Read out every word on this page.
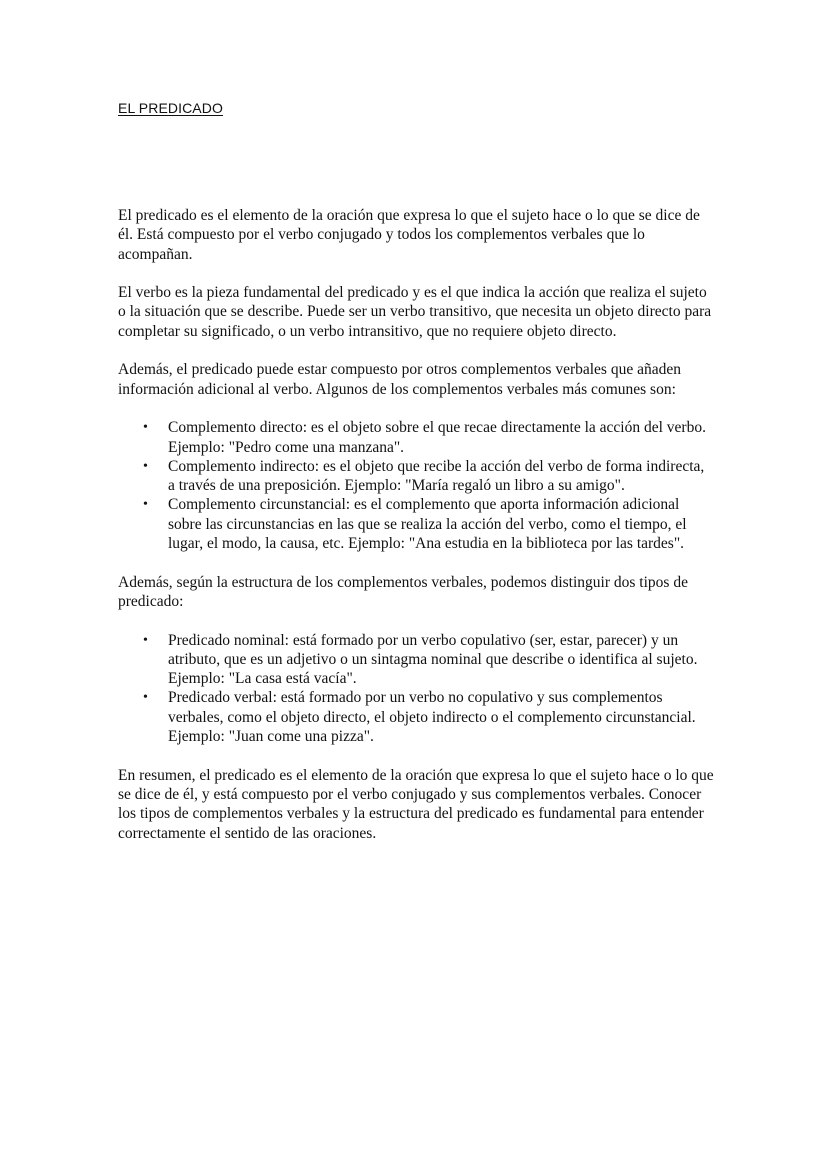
EL PREDICADO

El predicado es el elemento de la oración que expresa lo que el sujeto hace o lo que se dice de él. Está compuesto por el verbo conjugado y todos los complementos verbales que lo acompañan.

El verbo es la pieza fundamental del predicado y es el que indica la acción que realiza el sujeto o la situación que se describe. Puede ser un verbo transitivo, que necesita un objeto directo para completar su significado, o un verbo intransitivo, que no requiere objeto directo.

Además, el predicado puede estar compuesto por otros complementos verbales que añaden información adicional al verbo. Algunos de los complementos verbales más comunes son:

• Complemento directo: es el objeto sobre el que recae directamente la acción del verbo. Ejemplo: "Pedro come una manzana".
• Complemento indirecto: es el objeto que recibe la acción del verbo de forma indirecta, a través de una preposición. Ejemplo: "María regaló un libro a su amigo".
• Complemento circunstancial: es el complemento que aporta información adicional sobre las circunstancias en las que se realiza la acción del verbo, como el tiempo, el lugar, el modo, la causa, etc. Ejemplo: "Ana estudia en la biblioteca por las tardes".

Además, según la estructura de los complementos verbales, podemos distinguir dos tipos de predicado:

• Predicado nominal: está formado por un verbo copulativo (ser, estar, parecer) y un atributo, que es un adjetivo o un sintagma nominal que describe o identifica al sujeto. Ejemplo: "La casa está vacía".
• Predicado verbal: está formado por un verbo no copulativo y sus complementos verbales, como el objeto directo, el objeto indirecto o el complemento circunstancial. Ejemplo: "Juan come una pizza".

En resumen, el predicado es el elemento de la oración que expresa lo que el sujeto hace o lo que se dice de él, y está compuesto por el verbo conjugado y sus complementos verbales. Conocer los tipos de complementos verbales y la estructura del predicado es fundamental para entender correctamente el sentido de las oraciones.
